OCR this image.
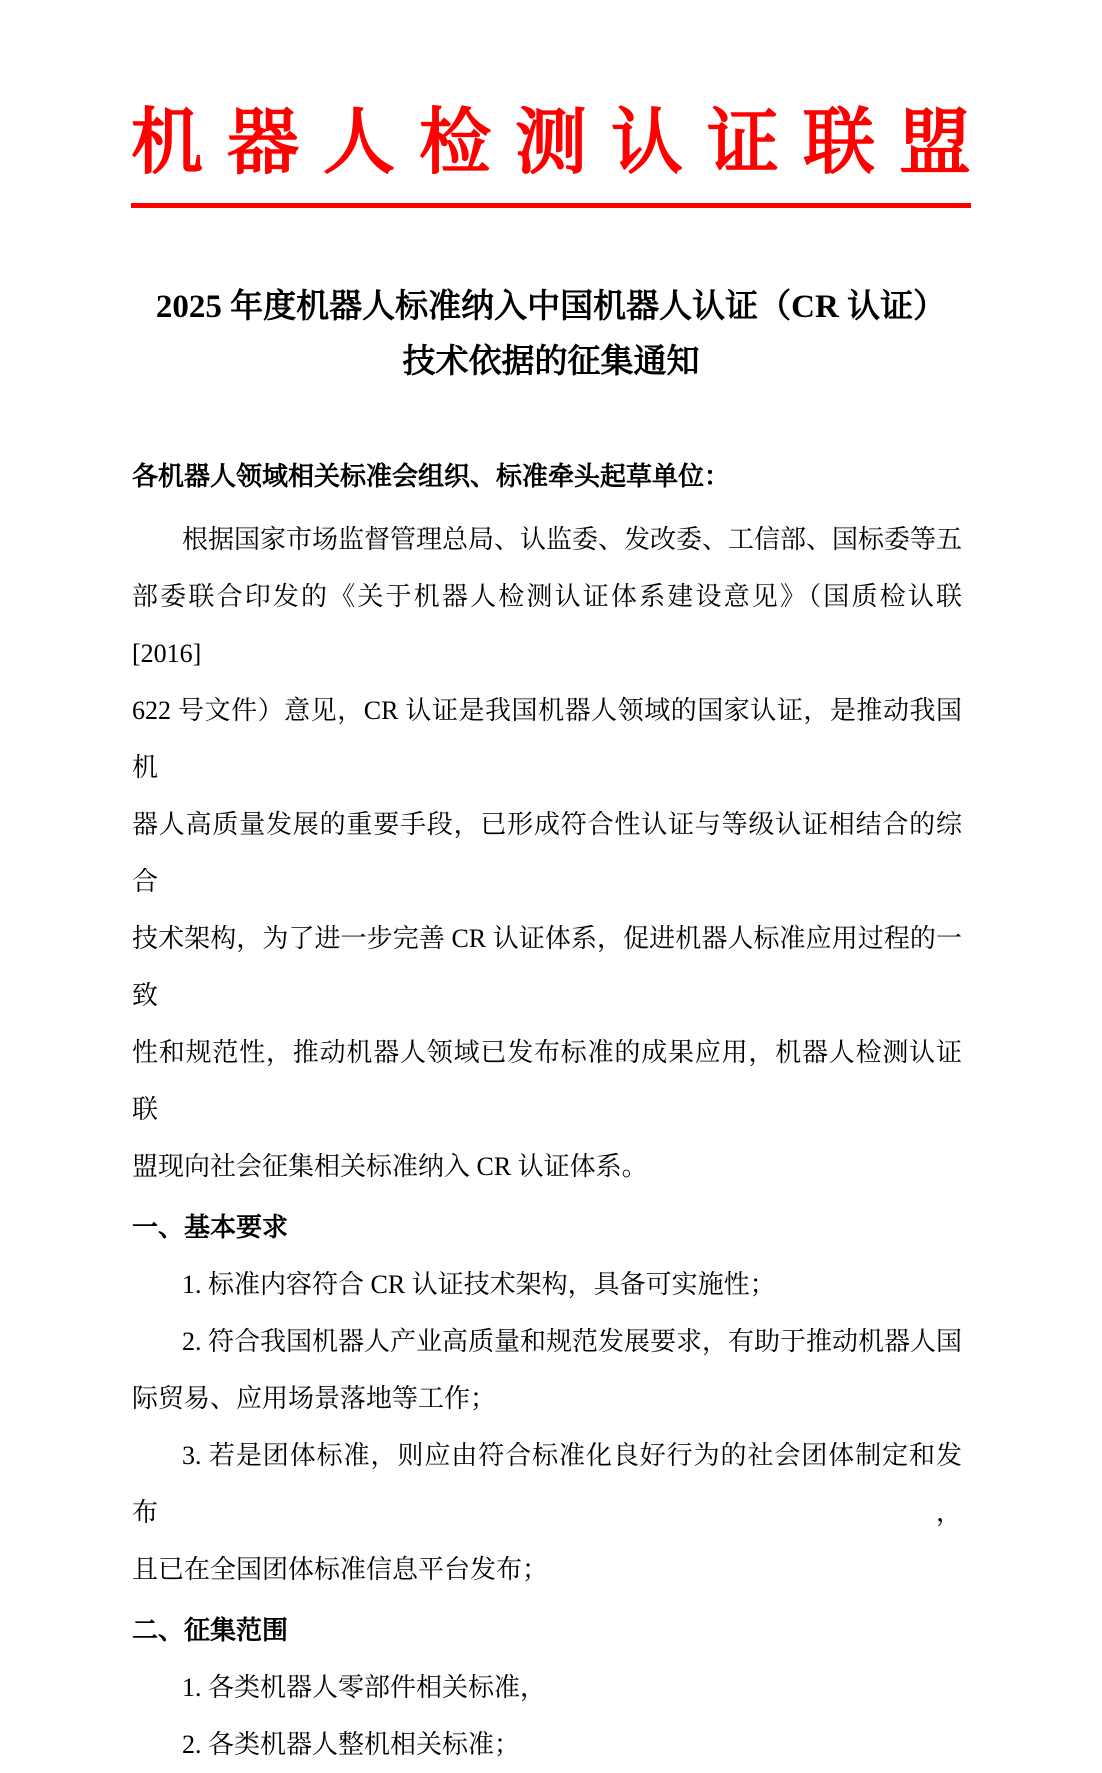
机器人检测认证联盟
2025 年度机器人标准纳入中国机器人认证（CR 认证）
技术依据的征集通知
各机器人领域相关标准会组织、标准牵头起草单位：
根据国家市场监督管理总局、认监委、发改委、工信部、国标委等五
部委联合印发的《关于机器人检测认证体系建设意见》（国质检认联[2016]
622 号文件）意见，CR 认证是我国机器人领域的国家认证，是推动我国机
器人高质量发展的重要手段，已形成符合性认证与等级认证相结合的综合
技术架构，为了进一步完善 CR 认证体系，促进机器人标准应用过程的一致
性和规范性，推动机器人领域已发布标准的成果应用，机器人检测认证联
盟现向社会征集相关标准纳入 CR 认证体系。
一、基本要求
1. 标准内容符合 CR 认证技术架构，具备可实施性；
2. 符合我国机器人产业高质量和规范发展要求，有助于推动机器人国
际贸易、应用场景落地等工作；
3. 若是团体标准，则应由符合标准化良好行为的社会团体制定和发布，
且已在全国团体标准信息平台发布；
二、征集范围
1. 各类机器人零部件相关标准，
2. 各类机器人整机相关标准；
